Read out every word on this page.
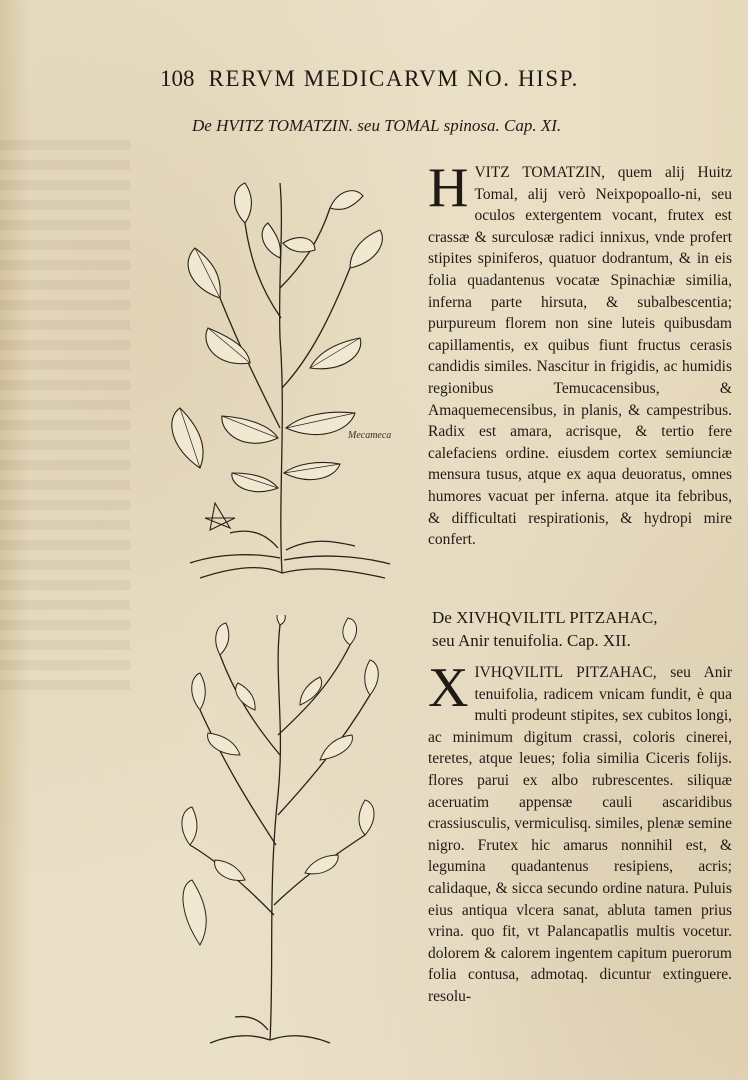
108 RERVM MEDICARVM NO. HISP.
De HVITZ TOMATZIN. seu TOMAL spinosa. Cap. XI.
Mecameca
H VITZ TOMATZIN, quem alij Huitz Tomal, alij verò Neixpopoallo-ni, seu oculos extergentem vocant, frutex est crassæ & surculosæ radici innixus, vnde profert stipites spiniferos, quatuor dodrantum, & in eis folia quadantenus vocatæ Spinachiæ similia, inferna parte hirsuta, & subalbescentia; purpureum florem non sine luteis quibusdam capillamentis, ex quibus fiunt fructus cerasis candidis similes. Nascitur in frigidis, ac humidis regionibus Temucacensibus, & Amaquemecensibus, in planis, & campestribus. Radix est amara, acrisque, & tertio fere calefaciens ordine. eiusdem cortex semiunciæ mensura tusus, atque ex aqua deuoratus, omnes humores vacuat per inferna. atque ita febribus, & difficultati respirationis, & hydropi mire confert.

De XIVHQVILITL PITZAHAC,
seu Anir tenuifolia. Cap. XII.
X IVHQVILITL PITZAHAC, seu Anir tenuifolia, radicem vnicam fundit, è qua multi prodeunt stipites, sex cubitos longi, ac minimum digitum crassi, coloris cinerei, teretes, atque leues; folia similia Ciceris folijs. flores parui ex albo rubrescentes. siliquæ aceruatim appensæ cauli ascaridibus crassiusculis, vermiculisq. similes, plenæ semine nigro. Frutex hic amarus nonnihil est, & legumina quadantenus resipiens, acris; calidaque, & sicca secundo ordine natura. Puluis eius antiqua vlcera sanat, abluta tamen prius vrina. quo fit, vt Palancapatlis multis vocetur. dolorem & calorem ingentem capitum puerorum folia contusa, admotaq. dicuntur extinguere. resolu-
